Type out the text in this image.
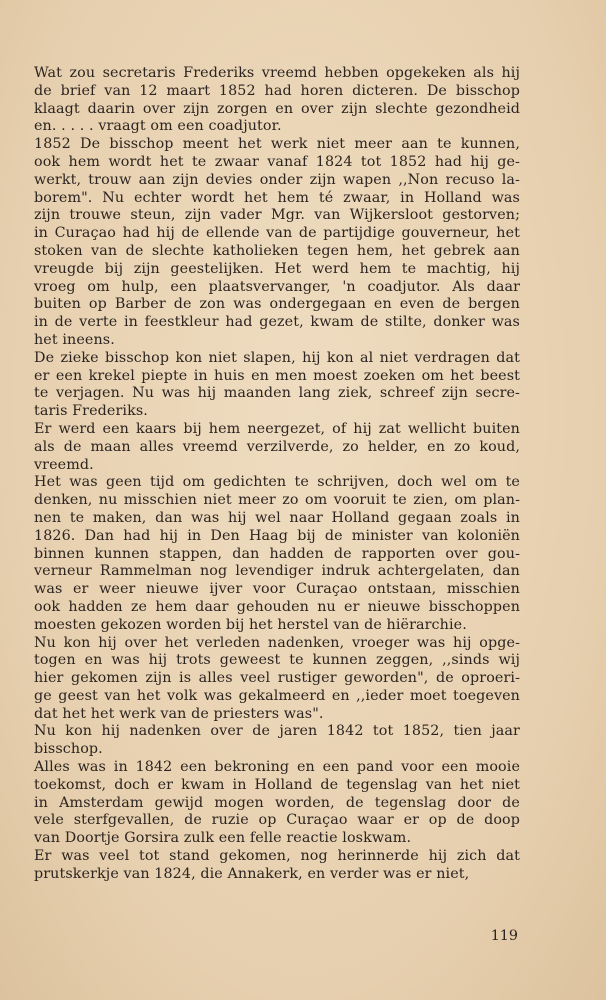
Wat zou secretaris Frederiks vreemd hebben opgekeken als hij
de brief van 12 maart 1852 had horen dicteren. De bisschop
klaagt daarin over zijn zorgen en over zijn slechte gezondheid
en. . . . . vraagt om een coadjutor.
1852 De bisschop meent het werk niet meer aan te kunnen,
ook hem wordt het te zwaar vanaf 1824 tot 1852 had hij ge-
werkt, trouw aan zijn devies onder zijn wapen ,,Non recuso la-
borem". Nu echter wordt het hem té zwaar, in Holland was
zijn trouwe steun, zijn vader Mgr. van Wijkersloot gestorven;
in Curaçao had hij de ellende van de partijdige gouverneur, het
stoken van de slechte katholieken tegen hem, het gebrek aan
vreugde bij zijn geestelijken. Het werd hem te machtig, hij
vroeg om hulp, een plaatsvervanger, 'n coadjutor. Als daar
buiten op Barber de zon was ondergegaan en even de bergen
in de verte in feestkleur had gezet, kwam de stilte, donker was
het ineens.
De zieke bisschop kon niet slapen, hij kon al niet verdragen dat
er een krekel piepte in huis en men moest zoeken om het beest
te verjagen. Nu was hij maanden lang ziek, schreef zijn secre-
taris Frederiks.
Er werd een kaars bij hem neergezet, of hij zat wellicht buiten
als de maan alles vreemd verzilverde, zo helder, en zo koud,
vreemd.
Het was geen tijd om gedichten te schrijven, doch wel om te
denken, nu misschien niet meer zo om vooruit te zien, om plan-
nen te maken, dan was hij wel naar Holland gegaan zoals in
1826. Dan had hij in Den Haag bij de minister van koloniën
binnen kunnen stappen, dan hadden de rapporten over gou-
verneur Rammelman nog levendiger indruk achtergelaten, dan
was er weer nieuwe ijver voor Curaçao ontstaan, misschien
ook hadden ze hem daar gehouden nu er nieuwe bisschoppen
moesten gekozen worden bij het herstel van de hiërarchie.
Nu kon hij over het verleden nadenken, vroeger was hij opge-
togen en was hij trots geweest te kunnen zeggen, ,,sinds wij
hier gekomen zijn is alles veel rustiger geworden", de oproeri-
ge geest van het volk was gekalmeerd en ,,ieder moet toegeven
dat het het werk van de priesters was".
Nu kon hij nadenken over de jaren 1842 tot 1852, tien jaar
bisschop.
Alles was in 1842 een bekroning en een pand voor een mooie
toekomst, doch er kwam in Holland de tegenslag van het niet
in Amsterdam gewijd mogen worden, de tegenslag door de
vele sterfgevallen, de ruzie op Curaçao waar er op de doop
van Doortje Gorsira zulk een felle reactie loskwam.
Er was veel tot stand gekomen, nog herinnerde hij zich dat
prutskerkje van 1824, die Annakerk, en verder was er niet,
119
